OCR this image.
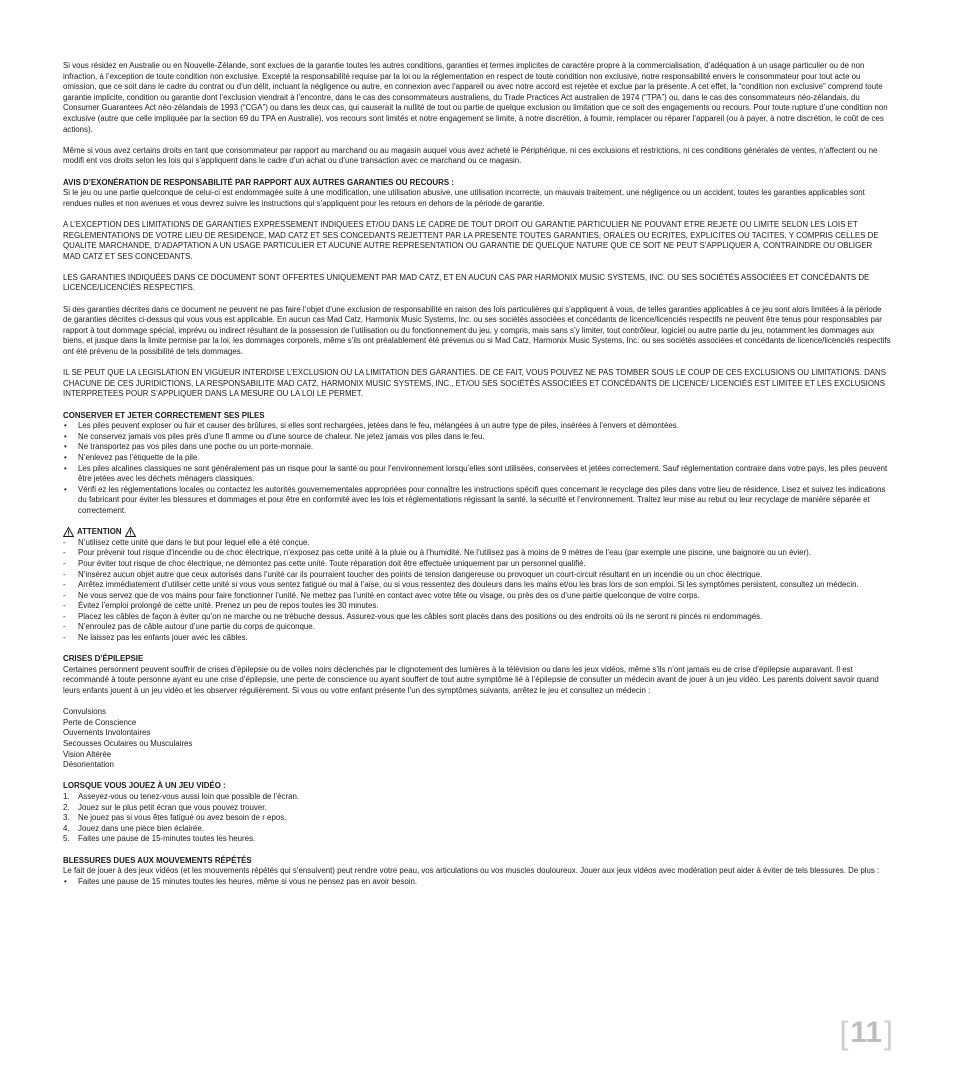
Si vous résidez en Australie ou en Nouvelle-Zélande, sont exclues de la garantie toutes les autres conditions, garanties et termes implicites de caractère propre à la commercialisation, d’adéquation à un usage particulier ou de non infraction, à l’exception de toute condition non exclusive. Excepté la responsabilité requise par la loi ou la réglementation en respect de toute condition non exclusive, notre responsabilité envers le consommateur pour tout acte ou omission, que ce soit dans le cadre du contrat ou d’un délit, incluant la négligence ou autre, en connexion avec l’appareil ou avec notre accord est rejetée et exclue par la présente. A cet effet, la “condition non exclusive” comprend toute garantie implicite, condition ou garantie dont l’exclusion viendrait à l’encontre, dans le cas des consommateurs australiens, du Trade Practices Act australien de 1974 (“TPA”) ou, dans le cas des consommateurs néo-zélandais, du Consumer Guarantees Act néo-zélandais de 1993 (“CGA”) ou dans les deux cas, qui causerait la nullité de tout ou partie de quelque exclusion ou limitation que ce soit des engagements ou recours. Pour toute rupture d’une condition non exclusive (autre que celle impliquée par la section 69 du TPA en Australie), vos recours sont limités et notre engagement se limite, à notre discrétion, à fournir, remplacer ou réparer l’appareil (ou à payer, à notre discrétion, le coût de ces actions).

Même si vous avez certains droits en tant que consommateur par rapport au marchand ou au magasin auquel vous avez acheté le Périphérique, ni ces exclusions et restrictions, ni ces conditions générales de ventes, n’affectent ou ne modifi ent vos droits selon les lois qui s’appliquent dans le cadre d’un achat ou d’une transaction avec ce marchand ou ce magasin.

AVIS D’EXONÉRATION DE RESPONSABILITÉ PAR RAPPORT AUX AUTRES GARANTIES OU RECOURS :

Si le jeu ou une partie quelconque de celui-ci est endommagée suite à une modification, une utilisation abusive, une utilisation incorrecte, un mauvais traitement, une négligence ou un accident, toutes les garanties applicables sont rendues nulles et non avenues et vous devrez suivre les instructions qui s’appliquent pour les retours en dehors de la période de garantie.

A L’EXCEPTION DES LIMITATIONS DE GARANTIES EXPRESSEMENT INDIQUEES ET/OU DANS LE CADRE DE TOUT DROIT OU GARANTIE PARTICULIER NE POUVANT ETRE REJETE OU LIMITE SELON LES LOIS ET REGLEMENTATIONS DE VOTRE LIEU DE RESIDENCE, MAD CATZ ET SES CONCEDANTS REJETTENT PAR LA PRESENTE TOUTES GARANTIES, ORALES OU ECRITES, EXPLICITES OU TACITES, Y COMPRIS CELLES DE QUALITE MARCHANDE, D’ADAPTATION A UN USAGE PARTICULIER ET AUCUNE AUTRE REPRESENTATION OU GARANTIE DE QUELQUE NATURE QUE CE SOIT NE PEUT S’APPLIQUER A, CONTRAINDRE OU OBLIGER MAD CATZ ET SES CONCEDANTS.

LES GARANTIES INDIQUÉES DANS CE DOCUMENT SONT OFFERTES UNIQUEMENT PAR MAD CATZ, ET EN AUCUN CAS PAR HARMONIX MUSIC SYSTEMS, INC. OU SES SOCIÉTÉS ASSOCIÉES ET CONCÉDANTS DE LICENCE/LICENCIÉS RESPECTIFS.

Si des garanties décrites dans ce document ne peuvent ne pas faire l’objet d’une exclusion de responsabilité en raison des lois particulières qui s’appliquent à vous, de telles garanties applicables à ce jeu sont alors limitées à la période de garanties décrites ci-dessus qui vous vous est applicable. En aucun cas Mad Catz, Harmonix Music Systems, Inc. ou ses sociétés associées et concédants de licence/licenciés respectifs ne peuvent être tenus pour responsables par rapport à tout dommage spécial, imprévu ou indirect résultant de la possession de l’utilisation ou du fonctionnement du jeu, y compris, mais sans s’y limiter, tout contrôleur, logiciel ou autre partie du jeu, notamment les dommages aux biens, et jusque dans la limite permise par la loi, les dommages corporels, même s’ils ont préalablement été prévenus ou si Mad Catz, Harmonix Music Systems, Inc. ou ses sociétés associées et concédants de licence/licenciés respectifs ont été prévenu de la possibilité de tels dommages.

IL SE PEUT QUE LA LEGISLATION EN VIGUEUR INTERDISE L’EXCLUSION OU LA LIMITATION DES GARANTIES. DE CE FAIT, VOUS POUVEZ NE PAS TOMBER SOUS LE COUP DE CES EXCLUSIONS OU LIMITATIONS. DANS CHACUNE DE CES JURIDICTIONS, LA RESPONSABILITE MAD CATZ, HARMONIX MUSIC SYSTEMS, INC., ET/OU SES SOCIÉTÉS ASSOCIÉES ET CONCÉDANTS DE LICENCE/ LICENCIÉS EST LIMITEE ET LES EXCLUSIONS INTERPRETEES POUR S’APPLIQUER DANS LA MESURE OU LA LOI LE PERMET.

CONSERVER ET JETER CORRECTEMENT SES PILES

• Les piles peuvent exploser ou fuir et causer des brûlures, si elles sont rechargées, jetées dans le feu, mélangées à un autre type de piles, insérées à l’envers et démontées.
• Ne conservez jamais vos piles près d’une fl amme ou d’une source de chaleur. Ne jetez jamais vos piles dans le feu.
• Ne transportez pas vos piles dans une poche ou un porte-monnaie.
• N’enlevez pas l’étiquette de la pile.
• Les piles alcalines classiques ne sont généralement pas un risque pour la santé ou pour l’environnement lorsqu’elles sont utilisées, conservées et jetées correctement. Sauf réglementation contraire dans votre pays, les piles peuvent être jetées avec les déchets ménagers classiques.
• Vérifi ez les réglementations locales ou contactez les autorités gouvernementales appropriées pour connaître les instructions spécifi ques concernant le recyclage des piles dans votre lieu de résidence. Lisez et suivez les indications du fabricant pour éviter les blessures et dommages et pour être en conformité avec les lois et réglementations régissant la santé, la sécurité et l’environnement. Traitez leur mise au rebut ou leur recyclage de manière séparée et correctement.
ATTENTION
- N’utilisez cette unité que dans le but pour lequel elle a été conçue.
- Pour prévenir tout risque d’incendie ou de choc électrique, n’exposez pas cette unité à la pluie ou à l’humidité. Ne l’utilisez pas à moins de 9 mètres de l’eau (par exemple une piscine, une baignoire ou un évier).
- Pour éviter tout risque de choc électrique, ne démontez pas cette unité. Toute réparation doit être effectuée uniquement par un personnel qualifié.
- N’insérez aucun objet autre que ceux autorisés dans l’unité car ils pourraient toucher des points de tension dangereuse ou provoquer un court-circuit résultant en un incendie ou un choc électrique.
- Arrêtez immédiatement d’utiliser cette unité si vous vous sentez fatigué ou mal à l’aise, ou si vous ressentez des douleurs dans les mains et/ou les bras lors de son emploi. Si les symptômes persistent, consultez un médecin.
- Ne vous servez que de vos mains pour faire fonctionner l’unité. Ne mettez pas l’unité en contact avec votre tête ou visage, ou près des os d’une partie quelconque de votre corps.
- Évitez l’emploi prolongé de cette unité. Prenez un peu de repos toutes les 30 minutes.
- Placez les câbles de façon à éviter qu’on ne marche ou ne trébuche dessus. Assurez-vous que les câbles sont placés dans des positions ou des endroits où ils ne seront ni pincés ni endommagés.
- N’enroulez pas de câble autour d’une partie du corps de quiconque.
- Ne laissez pas les enfants jouer avec les câbles.

CRISES D’ÉPILEPSIE

Certaines personnent peuvent souffrir de crises d’épilepsie ou de voiles noirs déclenchés par le clignotement des lumières à la télévision ou dans les jeux vidéos, même s’ils n’ont jamais eu de crise d’épilepsie auparavant. Il est recommandé à toute personne ayant eu une crise d’épilepsie, une perte de conscience ou ayant souffert de tout autre symptôme lié à l’épilepsie de consulter un médecin avant de jouer à un jeu vidéo. Les parents doivent savoir quand leurs enfants jouent à un jeu vidéo et les observer régulièrement. Si vous ou votre enfant présente l’un des symptômes suivants, arrêtez le jeu et consultez un médecin :

Convulsions

Perte de Conscience

Ouvements Involontaires

Secousses Oculaires ou Musculaires

Vision Altérée

Désorientation

LORSQUE VOUS JOUEZ À UN JEU VIDÉO :

1. Asseyez-vous ou tenez-vous aussi loin que possible de l’écran.
2. Jouez sur le plus petit écran que vous pouvez trouver.
3. Ne jouez pas si vous êtes fatigué ou avez besoin de r epos.
4. Jouez dans une pièce bien éclairée.
5. Faites une pause de 15-minutes toutes les heures.

BLESSURES DUES AUX MOUVEMENTS RÉPÉTÉS

Le fait de jouer à des jeux vidéos (et les mouvements répétés qui s’ensuivent) peut rendre votre peau, vos articulations ou vos muscles douloureux. Jouer aux jeux vidéos avec modération peut aider à éviter de tels blessures. De plus :

• Faites une pause de 15 minutes toutes les heures, même si vous ne pensez pas en avoir besoin.
[ 11 ]
